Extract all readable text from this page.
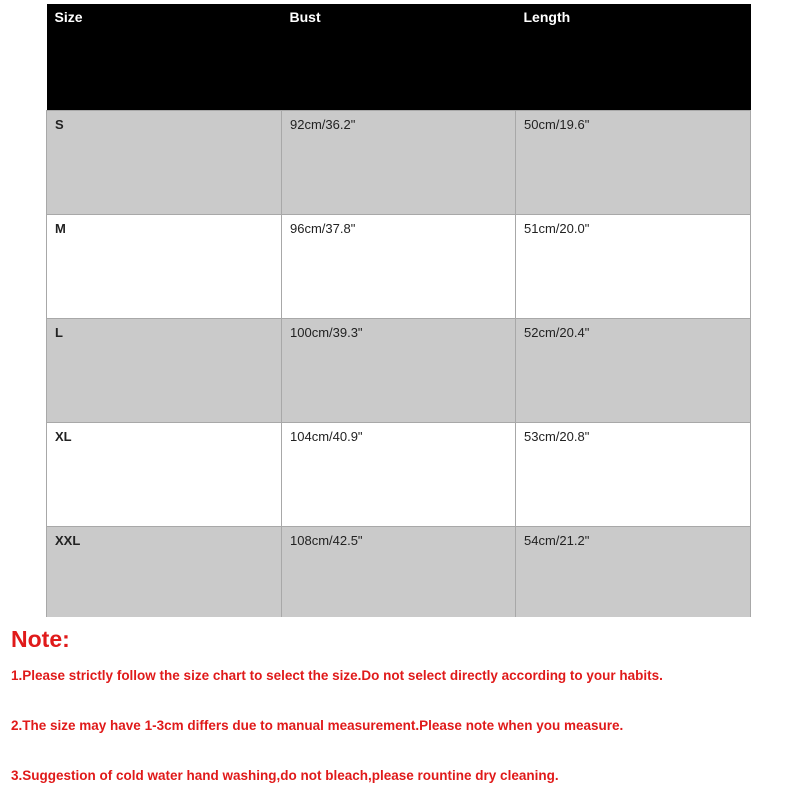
Size	Bust	Length
S	92cm/36.2"	50cm/19.6"
M	96cm/37.8"	51cm/20.0"
L	100cm/39.3"	52cm/20.4"
XL	104cm/40.9"	53cm/20.8"
XXL	108cm/42.5"	54cm/21.2"
Note:

1.Please strictly follow the size chart to select the size.Do not select directly according to your habits.

2.The size may have 1-3cm differs due to manual measurement.Please note when you measure.

3.Suggestion of cold water hand washing,do not bleach,please rountine dry cleaning.
